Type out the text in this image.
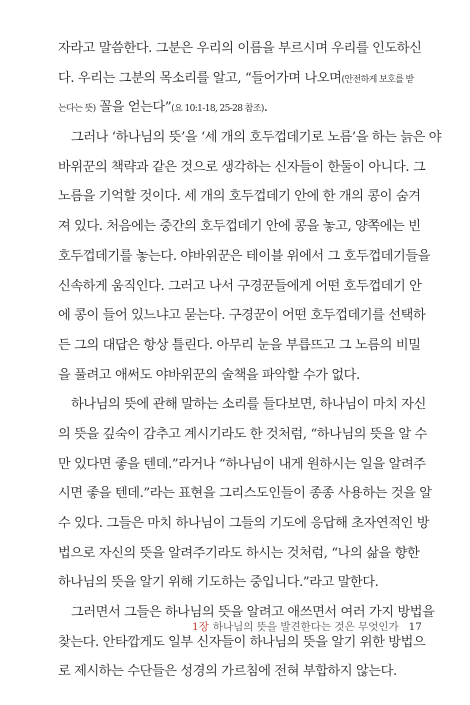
자라고 말씀한다. 그분은 우리의 이름을 부르시며 우리를 인도하신
다. 우리는 그분의 목소리를 알고, “들어가며 나오며(안전하게 보호를 받
는다는 뜻) 꼴을 얻는다”(요 10:1-18, 25-28 참조).
그러나 ‘하나님의 뜻’을 ‘세 개의 호두껍데기로 노름’을 하는 늙은 야
바위꾼의 책략과 같은 것으로 생각하는 신자들이 한둘이 아니다. 그
노름을 기억할 것이다. 세 개의 호두껍데기 안에 한 개의 콩이 숨겨
져 있다. 처음에는 중간의 호두껍데기 안에 콩을 놓고, 양쪽에는 빈
호두껍데기를 놓는다. 야바위꾼은 테이블 위에서 그 호두껍데기들을
신속하게 움직인다. 그러고 나서 구경꾼들에게 어떤 호두껍데기 안
에 콩이 들어 있느냐고 묻는다. 구경꾼이 어떤 호두껍데기를 선택하
든 그의 대답은 항상 틀린다. 아무리 눈을 부릅뜨고 그 노름의 비밀
을 풀려고 애써도 야바위꾼의 술책을 파악할 수가 없다.
하나님의 뜻에 관해 말하는 소리를 들다보면, 하나님이 마치 자신
의 뜻을 깊숙이 감추고 계시기라도 한 것처럼, “하나님의 뜻을 알 수
만 있다면 좋을 텐데.”라거나 “하나님이 내게 원하시는 일을 알려주
시면 좋을 텐데.”라는 표현을 그리스도인들이 종종 사용하는 것을 알
수 있다. 그들은 마치 하나님이 그들의 기도에 응답해 초자연적인 방
법으로 자신의 뜻을 알려주기라도 하시는 것처럼, “나의 삶을 향한
하나님의 뜻을 알기 위해 기도하는 중입니다.”라고 말한다.
그러면서 그들은 하나님의 뜻을 알려고 애쓰면서 여러 가지 방법을
찾는다. 안타깝게도 일부 신자들이 하나님의 뜻을 알기 위한 방법으
로 제시하는 수단들은 성경의 가르침에 전혀 부합하지 않는다.
1장 하나님의 뜻을 발견한다는 것은 무엇인가 17
